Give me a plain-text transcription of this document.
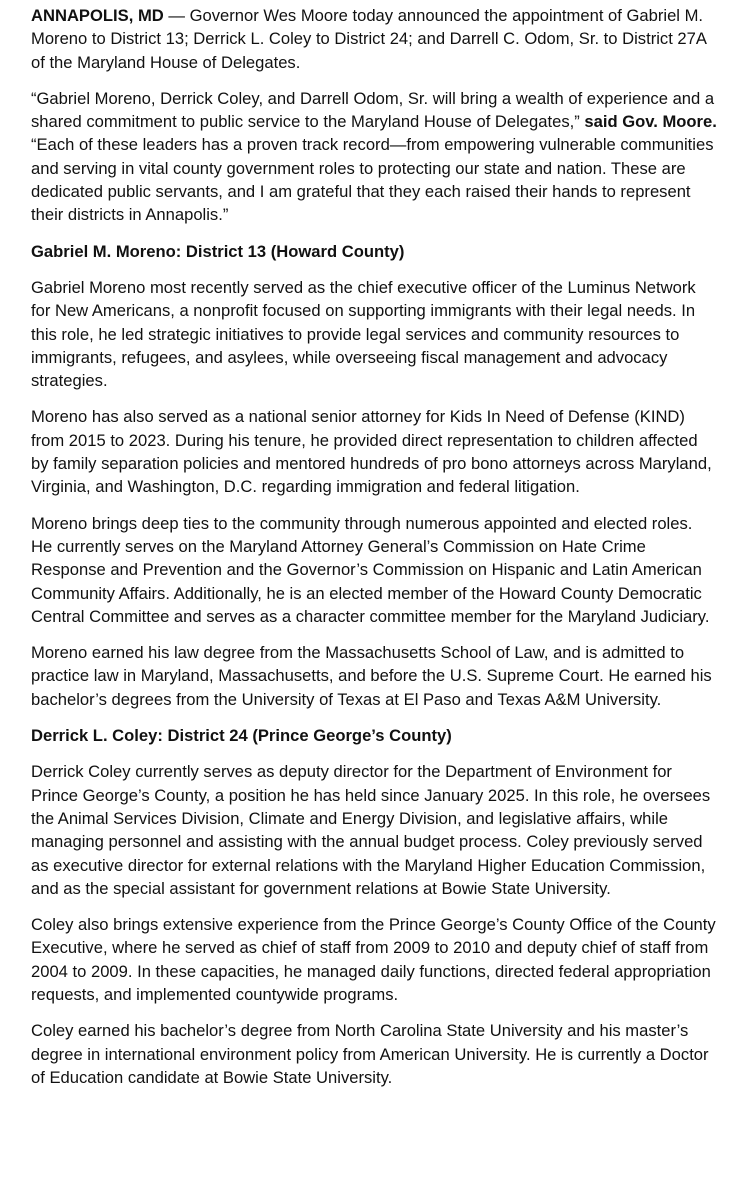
ANNAPOLIS, MD — Governor Wes Moore today announced the appointment of Gabriel M. Moreno to District 13; Derrick L. Coley to District 24; and Darrell C. Odom, Sr. to District 27A of the Maryland House of Delegates.

“Gabriel Moreno, Derrick Coley, and Darrell Odom, Sr. will bring a wealth of experience and a shared commitment to public service to the Maryland House of Delegates,” said Gov. Moore. “Each of these leaders has a proven track record—from empowering vulnerable communities and serving in vital county government roles to protecting our state and nation. These are dedicated public servants, and I am grateful that they each raised their hands to represent their districts in Annapolis.”

Gabriel M. Moreno: District 13 (Howard County)

Gabriel Moreno most recently served as the chief executive officer of the Luminus Network for New Americans, a nonprofit focused on supporting immigrants with their legal needs. In this role, he led strategic initiatives to provide legal services and community resources to immigrants, refugees, and asylees, while overseeing fiscal management and advocacy strategies.

Moreno has also served as a national senior attorney for Kids In Need of Defense (KIND) from 2015 to 2023. During his tenure, he provided direct representation to children affected by family separation policies and mentored hundreds of pro bono attorneys across Maryland, Virginia, and Washington, D.C. regarding immigration and federal litigation.

Moreno brings deep ties to the community through numerous appointed and elected roles. He currently serves on the Maryland Attorney General’s Commission on Hate Crime Response and Prevention and the Governor’s Commission on Hispanic and Latin American Community Affairs. Additionally, he is an elected member of the Howard County Democratic Central Committee and serves as a character committee member for the Maryland Judiciary.

Moreno earned his law degree from the Massachusetts School of Law, and is admitted to practice law in Maryland, Massachusetts, and before the U.S. Supreme Court. He earned his bachelor’s degrees from the University of Texas at El Paso and Texas A&M University.

Derrick L. Coley: District 24 (Prince George’s County)

Derrick Coley currently serves as deputy director for the Department of Environment for Prince George’s County, a position he has held since January 2025. In this role, he oversees the Animal Services Division, Climate and Energy Division, and legislative affairs, while managing personnel and assisting with the annual budget process. Coley previously served as executive director for external relations with the Maryland Higher Education Commission, and as the special assistant for government relations at Bowie State University.

Coley also brings extensive experience from the Prince George’s County Office of the County Executive, where he served as chief of staff from 2009 to 2010 and deputy chief of staff from 2004 to 2009. In these capacities, he managed daily functions, directed federal appropriation requests, and implemented countywide programs.

Coley earned his bachelor’s degree from North Carolina State University and his master’s degree in international environment policy from American University. He is currently a Doctor of Education candidate at Bowie State University.
